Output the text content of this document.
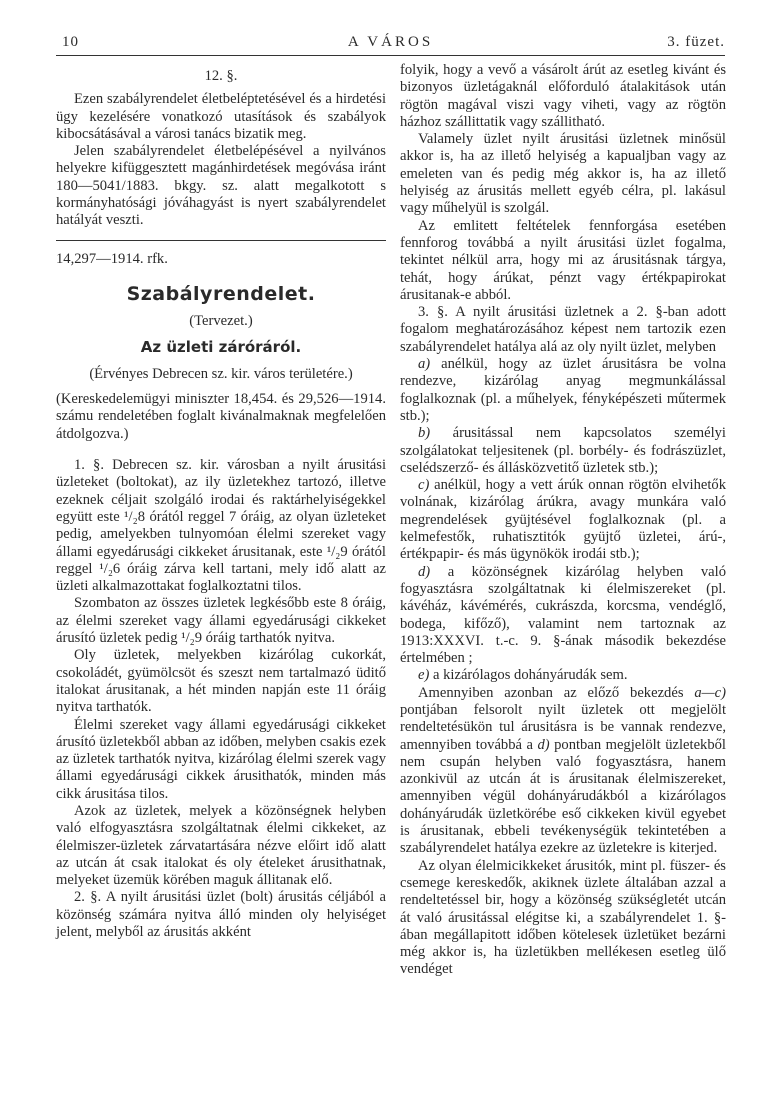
10	A VÁROS	3. füzet.

12. §.

Ezen szabályrendelet életbeléptetésével és a hirdetési ügy kezelésére vonatkozó utasítások és szabályok kibocsátásával a városi tanács bizatik meg.

Jelen szabályrendelet életbelépésével a nyilvános helyekre kifüggesztett magánhirdetések megóvása iránt 180—5041/1883. bkgy. sz. alatt megalkotott s kormányhatósági jóváhagyást is nyert szabályrendelet hatályát veszti.

14,297—1914. rfk.

Szabályrendelet.

(Tervezet.)

Az üzleti záróráról.

(Érvényes Debrecen sz. kir. város területére.)

(Kereskedelemügyi miniszter 18,454. és 29,526—1914. számu rendeletében foglalt kivánalmaknak megfelelően átdolgozva.)

1. §. Debrecen sz. kir. városban a nyilt árusitási üzleteket (boltokat), az ily üzletekhez tartozó, illetve ezeknek céljait szolgáló irodai és raktárhelyiségekkel együtt este ¹/₂8 órától reggel 7 óráig, az olyan üzleteket pedig, amelyekben tulnyomóan élelmi szereket vagy állami egyedárusági cikkeket árusitanak, este ¹/₂9 órától reggel ¹/₂6 óráig zárva kell tartani, mely idő alatt az üzleti alkalmazottakat foglalkoztatni tilos.

Szombaton az összes üzletek legkésőbb este 8 óráig, az élelmi szereket vagy állami egyedárusági cikkeket árusító üzletek pedig ¹/₂9 óráig tarthatók nyitva.

Oly üzletek, melyekben kizárólag cukorkát, csokoládét, gyümölcsöt és szeszt nem tartalmazó üditő italokat árusitanak, a hét minden napján este 11 óráig nyitva tarthatók.

Élelmi szereket vagy állami egyedárusági cikkeket árusító üzletekből abban az időben, melyben csakis ezek az üzletek tarthatók nyitva, kizárólag élelmi szerek vagy állami egyedárusági cikkek árusithatók, minden más cikk árusitása tilos.

Azok az üzletek, melyek a közönségnek helyben való elfogyasztásra szolgáltatnak élelmi cikkeket, az élelmiszer-üzletek zárvatartására nézve előirt idő alatt az utcán át csak italokat és oly ételeket árusithatnak, melyeket üzemük körében maguk állitanak elő.

2. §. A nyilt árusitási üzlet (bolt) árusitás céljából a közönség számára nyitva álló minden oly helyiséget jelent, melyből az árusitás akként

folyik, hogy a vevő a vásárolt árút az esetleg kivánt és bizonyos üzletágaknál előforduló átalakitások után rögtön magával viszi vagy viheti, vagy az rögtön házhoz szállittatik vagy szállitható.

Valamely üzlet nyilt árusitási üzletnek minősül akkor is, ha az illető helyiség a kapualjban vagy az emeleten van és pedig még akkor is, ha az illető helyiség az árusitás mellett egyéb célra, pl. lakásul vagy műhelyül is szolgál.

Az emlitett feltételek fennforgása esetében fennforog továbbá a nyilt árusitási üzlet fogalma, tekintet nélkül arra, hogy mi az árusitásnak tárgya, tehát, hogy árúkat, pénzt vagy értékpapirokat árusitanak-e abból.

3. §. A nyilt árusitási üzletnek a 2. §-ban adott fogalom meghatározásához képest nem tartozik ezen szabályrendelet hatálya alá az oly nyilt üzlet, melyben

a) anélkül, hogy az üzlet árusitásra be volna rendezve, kizárólag anyag megmunkálással foglalkoznak (pl. a műhelyek, fényképészeti műtermek stb.);

b) árusitással nem kapcsolatos személyi szolgálatokat teljesitenek (pl. borbély- és fodrászüzlet, cselédszerző- és állásközvetitő üzletek stb.);

c) anélkül, hogy a vett árúk onnan rögtön elvihetők volnának, kizárólag árúkra, avagy munkára való megrendelések gyüjtésével foglalkoznak (pl. a kelmefestők, ruhatisztitók gyüjtő üzletei, árú-, értékpapir- és más ügynökök irodái stb.);

d) a közönségnek kizárólag helyben való fogyasztásra szolgáltatnak ki élelmiszereket (pl. kávéház, kávémérés, cukrászda, korcsma, vendéglő, bodega, kifőző), valamint nem tartoznak az 1913:XXXVI. t.-c. 9. §-ának második bekezdése értelmében ;

e) a kizárólagos dohányárudák sem.

Amennyiben azonban az előző bekezdés a—c) pontjában felsorolt nyilt üzletek ott megjelölt rendeltetésükön tul árusitásra is be vannak rendezve, amennyiben továbbá a d) pontban megjelölt üzletekből nem csupán helyben való fogyasztásra, hanem azonkivül az utcán át is árusitanak élelmiszereket, amennyiben végül dohányárudákból a kizárólagos dohányárudák üzletkörébe eső cikkeken kivül egyebet is árusitanak, ebbeli tevékenységük tekintetében a szabályrendelet hatálya ezekre az üzletekre is kiterjed.

Az olyan élelmicikkeket árusitók, mint pl. füszer- és csemege kereskedők, akiknek üzlete általában azzal a rendeltetéssel bir, hogy a közönség szükségletét utcán át való árusitással elégitse ki, a szabályrendelet 1. §-ában megállapitott időben kötelesek üzletüket bezárni még akkor is, ha üzletükben mellékesen esetleg ülő vendéget
